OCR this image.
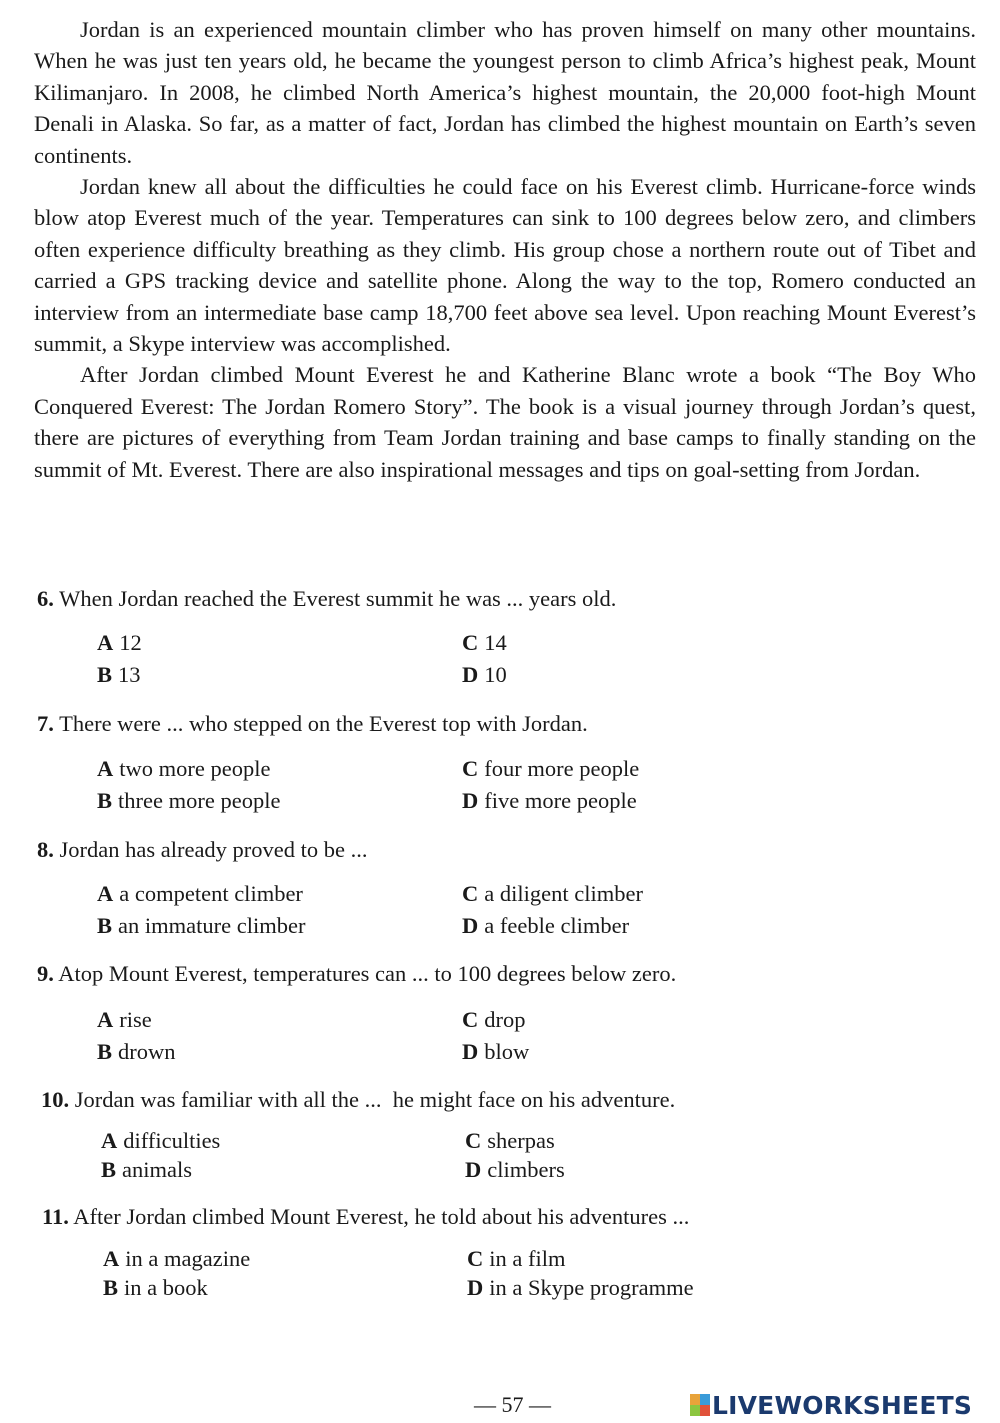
Jordan is an experienced mountain climber who has proven himself on many other mountains. When he was just ten years old, he became the youngest person to climb Africa’s highest peak, Mount Kilimanjaro. In 2008, he climbed North America’s highest mountain, the 20,000 foot-high Mount Denali in Alaska. So far, as a matter of fact, Jordan has climbed the highest mountain on Earth’s seven continents.

Jordan knew all about the difficulties he could face on his Everest climb. Hurricane-force winds blow atop Everest much of the year. Temperatures can sink to 100 degrees below zero, and climbers often experience difficulty breathing as they climb. His group chose a northern route out of Tibet and carried a GPS tracking device and satellite phone. Along the way to the top, Romero conducted an interview from an intermediate base camp 18,700 feet above sea level. Upon reaching Mount Everest’s summit, a Skype interview was accomplished.

After Jordan climbed Mount Everest he and Katherine Blanc wrote a book “The Boy Who Conquered Everest: The Jordan Romero Story”. The book is a visual journey through Jordan’s quest, there are pictures of everything from Team Jordan training and base camps to finally standing on the summit of Mt. Everest. There are also inspirational messages and tips on goal-setting from Jordan.

6. When Jordan reached the Everest summit he was ... years old.
A 12
B 13
C 14
D 10
7. There were ... who stepped on the Everest top with Jordan.
A two more people
B three more people
C four more people
D five more people
8. Jordan has already proved to be ...
A a competent climber
B an immature climber
C a diligent climber
D a feeble climber
9. Atop Mount Everest, temperatures can ... to 100 degrees below zero.
A rise
B drown
C drop
D blow
10. Jordan was familiar with all the ...  he might face on his adventure.
A difficulties
B animals
C sherpas
D climbers
11. After Jordan climbed Mount Everest, he told about his adventures ...
A in a magazine
B in a book
C in a film
D in a Skype programme
— 57 —	LIVEWORKSHEETS
